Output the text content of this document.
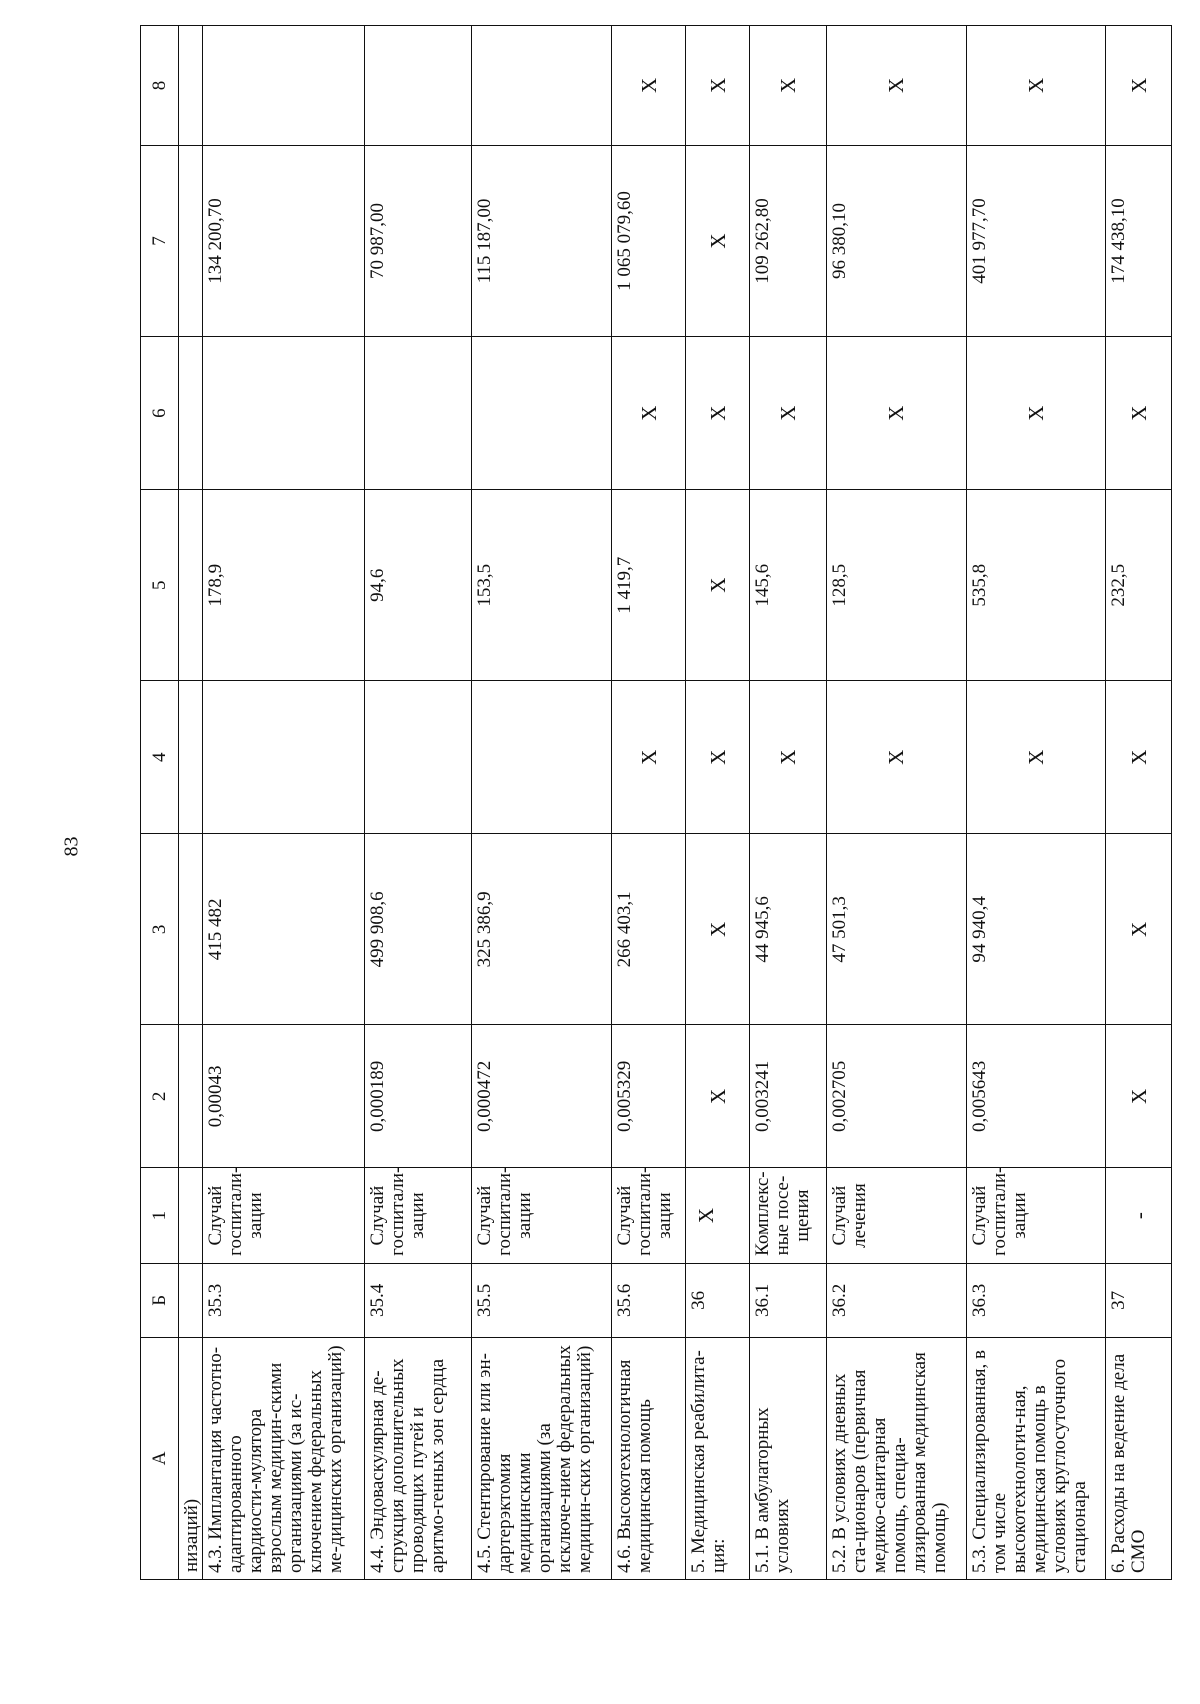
83
A	Б	1	2	3	4	5	6	7	8
низаций)									
4.3. Имплантация частотно-адаптированного кардиости-мулятора взрослым медицин-скими организациями (за ис-ключением федеральных ме-дицинских организаций)	35.3	Случай госпитали-зации	0,00043	415 482		178,9		134 200,70	
4.4. Эндоваскулярная де-струкция дополнительных проводящих путей и аритмо-генных зон сердца	35.4	Случай госпитали-зации	0,000189	499 908,6		94,6		70 987,00	
4.5. Стентирование или эн-дартерэктомия медицинскими организациями (за исключе-нием федеральных медицин-ских организаций)	35.5	Случай госпитали-зации	0,000472	325 386,9		153,5		115 187,00	
4.6. Высокотехнологичная медицинская помощь	35.6	Случай госпитали-зации	0,005329	266 403,1	X	1 419,7	X	1 065 079,60	X
5. Медицинская реабилита-ция:	36	X	X	X	X	X	X	X	X
5.1. В амбулаторных условиях	36.1	Комплекс-ные посе-щения	0,003241	44 945,6	X	145,6	X	109 262,80	X
5.2. В условиях дневных ста-ционаров (первичная медико-санитарная помощь, специа-лизированная медицинская помощь)	36.2	Случай лечения	0,002705	47 501,3	X	128,5	X	96 380,10	X
5.3. Специализированная, в том числе высокотехнологич-ная, медицинская помощь в условиях круглосуточного стационара	36.3	Случай госпитали-зации	0,005643	94 940,4	X	535,8	X	401 977,70	X
6. Расходы на ведение дела СМО	37	-	X	X	X	232,5	X	174 438,10	X
